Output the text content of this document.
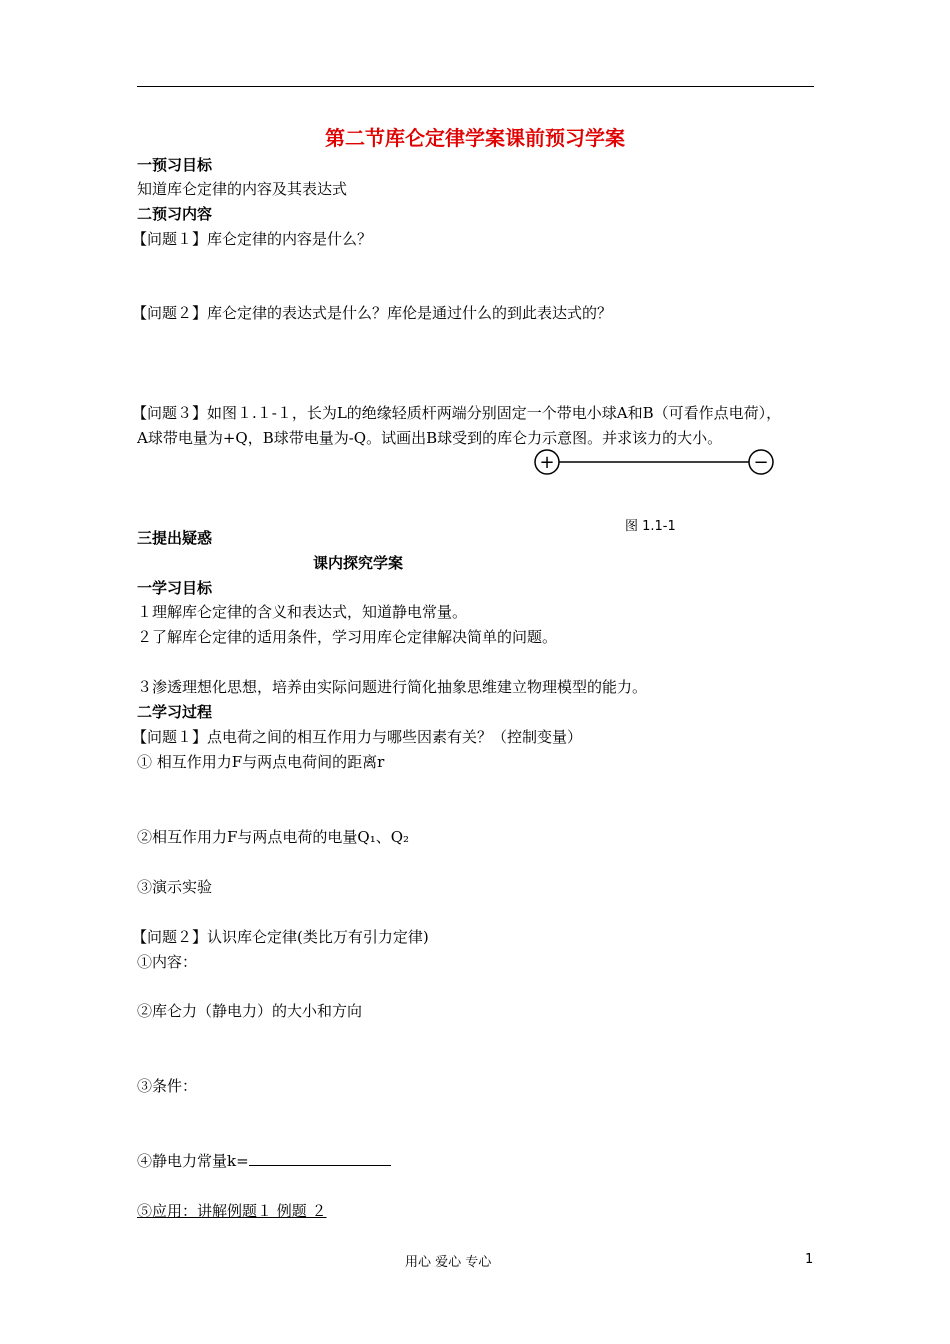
第二节库仑定律学案课前预习学案
一预习目标
知道库仑定律的内容及其表达式
二预习内容
【问题１】库仑定律的内容是什么？
【问题２】库仑定律的表达式是什么？库伦是通过什么的到此表达式的？
【问题３】如图１.１-１，长为L的绝缘轻质杆两端分别固定一个带电小球A和B（可看作点电荷），
A球带电量为+Q，B球带电量为-Q。试画出B球受到的库仑力示意图。并求该力的大小。
+	−
图 1.1-1
三提出疑惑
课内探究学案
一学习目标
１理解库仑定律的含义和表达式，知道静电常量。
２了解库仑定律的适用条件，学习用库仑定律解决简单的问题。
３渗透理想化思想，培养由实际问题进行简化抽象思维建立物理模型的能力。
二学习过程
【问题１】点电荷之间的相互作用力与哪些因素有关？（控制变量）
① 相互作用力F与两点电荷间的距离r
②相互作用力F与两点电荷的电量Q₁、Q₂
③演示实验
【问题２】认识库仑定律(类比万有引力定律)
①内容：
②库仑力（静电力）的大小和方向
③条件：
④静电力常量k=
⑤应用：讲解例题１ 例题 ２
用心 爱心 专心	1
